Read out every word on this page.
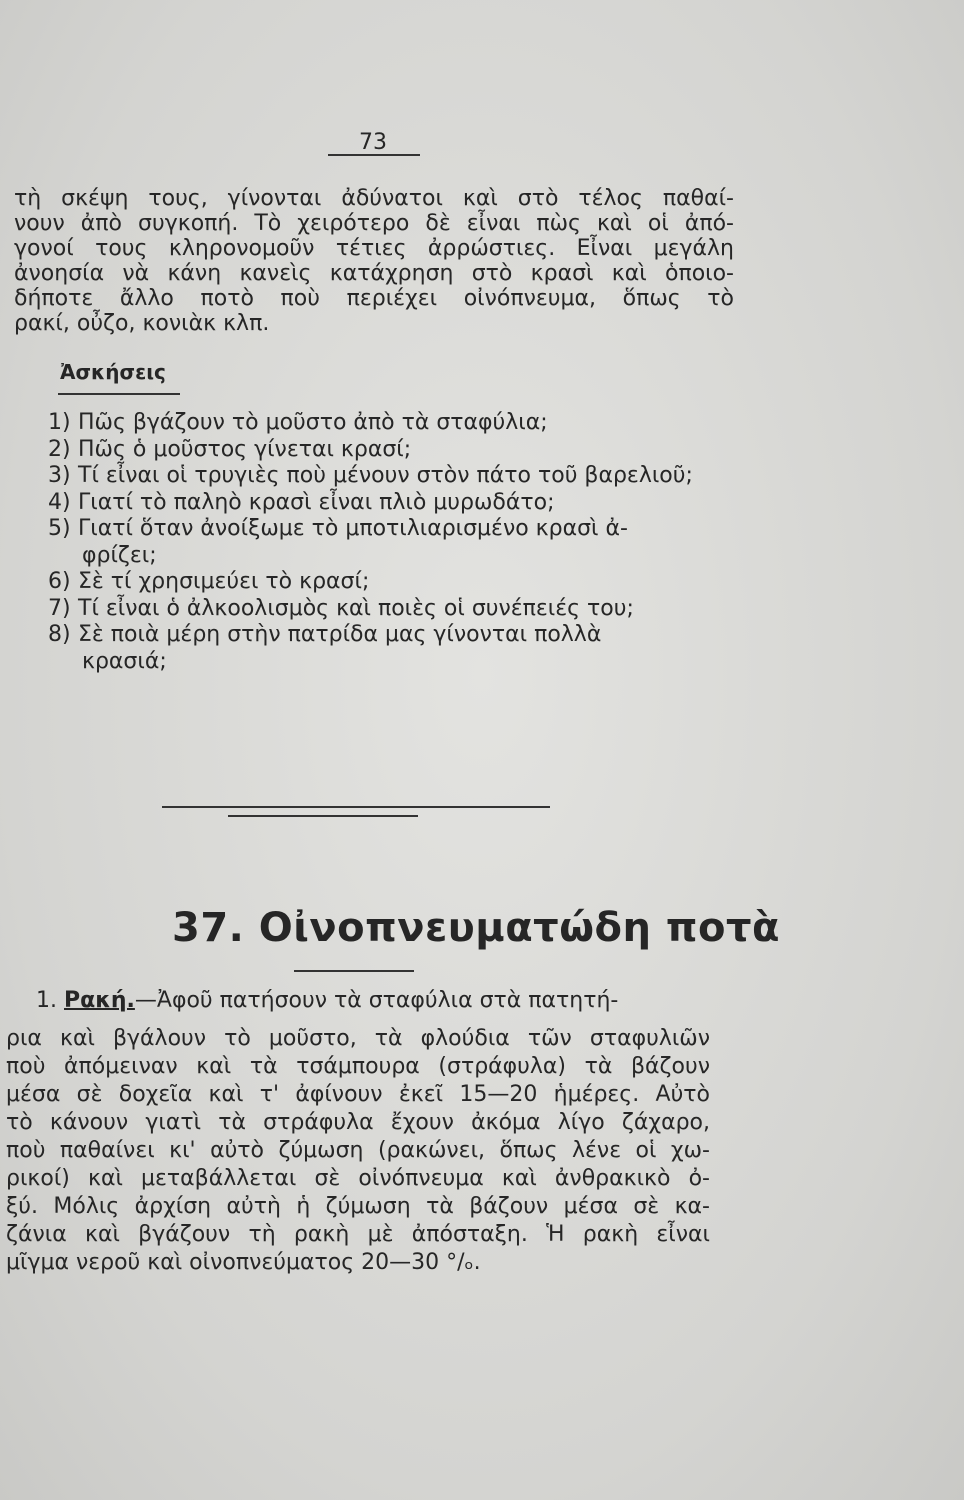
73
τὴ σκέψη τους, γίνονται ἀδύνατοι καὶ στὸ τέλος παθαί-
νουν ἀπὸ συγκοπή. Τὸ χειρότερο δὲ εἶναι πὼς καὶ οἱ ἀπό-
γονοί τους κληρονομοῦν τέτιες ἀρρώστιες. Εἶναι μεγάλη
ἀνοησία νὰ κάνη κανεὶς κατάχρηση στὸ κρασὶ καὶ ὁποιο-
δήποτε ἄλλο ποτὸ ποὺ περιέχει οἰνόπνευμα, ὅπως τὸ
ρακί, οὖζο, κονιὰκ κλπ.
Ἀσκήσεις
1) Πῶς βγάζουν τὸ μοῦστο ἀπὸ τὰ σταφύλια;
2) Πῶς ὁ μοῦστος γίνεται κρασί;
3) Τί εἶναι οἱ τρυγιὲς ποὺ μένουν στὸν πάτο τοῦ βαρελιοῦ;
4) Γιατί τὸ παληὸ κρασὶ εἶναι πλιὸ μυρωδάτο;
5) Γιατί ὅταν ἀνοίξωμε τὸ μποτιλιαρισμένο κρασὶ ἀ-
φρίζει;
6) Σὲ τί χρησιμεύει τὸ κρασί;
7) Τί εἶναι ὁ ἀλκοολισμὸς καὶ ποιὲς οἱ συνέπειές του;
8) Σὲ ποιὰ μέρη στὴν πατρίδα μας γίνονται πολλὰ
κρασιά;
37. Οἰνοπνευματώδη ποτὰ
1. Ρακή.—Ἀφοῦ πατήσουν τὰ σταφύλια στὰ πατητή-
ρια καὶ βγάλουν τὸ μοῦστο, τὰ φλούδια τῶν σταφυλιῶν
ποὺ ἀπόμειναν καὶ τὰ τσάμπουρα (στράφυλα) τὰ βάζουν
μέσα σὲ δοχεῖα καὶ τ' ἀφίνουν ἐκεῖ 15—20 ἡμέρες. Αὐτὸ
τὸ κάνουν γιατὶ τὰ στράφυλα ἔχουν ἀκόμα λίγο ζάχαρο,
ποὺ παθαίνει κι' αὐτὸ ζύμωση (ρακώνει, ὅπως λένε οἱ χω-
ρικοί) καὶ μεταβάλλεται σὲ οἰνόπνευμα καὶ ἀνθρακικὸ ὀ-
ξύ. Μόλις ἀρχίση αὐτὴ ἡ ζύμωση τὰ βάζουν μέσα σὲ κα-
ζάνια καὶ βγάζουν τὴ ρακὴ μὲ ἀπόσταξη. Ἡ ρακὴ εἶναι
μῖγμα νεροῦ καὶ οἰνοπνεύματος 20—30 °/ₒ.
